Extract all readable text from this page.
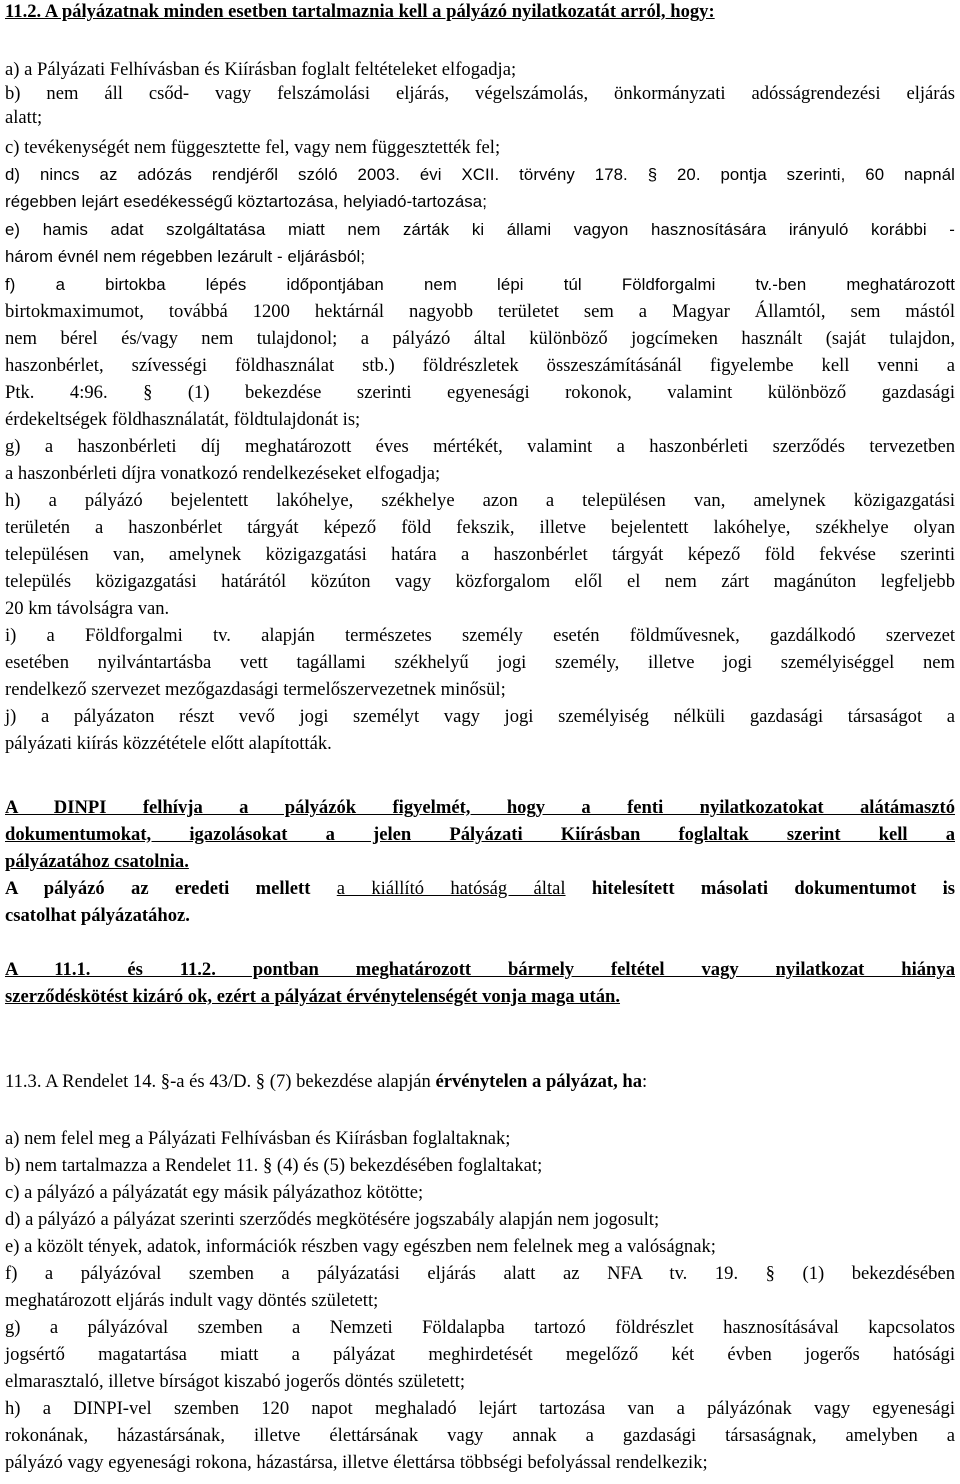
11.2. A pályázatnak minden esetben tartalmaznia kell a pályázó nyilatkozatát arról, hogy:
a) a Pályázati Felhívásban és Kiírásban foglalt feltételeket elfogadja;
b) nem áll csőd- vagy felszámolási eljárás, végelszámolás, önkormányzati adósságrendezési eljárás
alatt;
c) tevékenységét nem függesztette fel, vagy nem függesztették fel;
d) nincs az adózás rendjéről szóló 2003. évi XCII. törvény 178. § 20. pontja szerinti, 60 napnál
régebben lejárt esedékességű köztartozása, helyiadó-tartozása;
e) hamis adat szolgáltatása miatt nem zárták ki állami vagyon hasznosítására irányuló korábbi -
három évnél nem régebben lezárult - eljárásból;
f) a birtokba lépés időpontjában nem lépi túl Földforgalmi tv.-ben meghatározott
birtokmaximumot, továbbá 1200 hektárnál nagyobb területet sem a Magyar Államtól, sem mástól
nem bérel és/vagy nem tulajdonol; a pályázó által különböző jogcímeken használt (saját tulajdon,
haszonbérlet, szívességi földhasználat stb.) földrészletek összeszámításánál figyelembe kell venni a
Ptk. 4:96. § (1) bekezdése szerinti egyenesági rokonok, valamint különböző gazdasági
érdekeltségek földhasználatát, földtulajdonát is;
g) a haszonbérleti díj meghatározott éves mértékét, valamint a haszonbérleti szerződés tervezetben
a haszonbérleti díjra vonatkozó rendelkezéseket elfogadja;
h) a pályázó bejelentett lakóhelye, székhelye azon a településen van, amelynek közigazgatási
területén a haszonbérlet tárgyát képező föld fekszik, illetve bejelentett lakóhelye, székhelye olyan
településen van, amelynek közigazgatási határa a haszonbérlet tárgyát képező föld fekvése szerinti
település közigazgatási határától közúton vagy közforgalom elől el nem zárt magánúton legfeljebb
20 km távolságra van.
i) a Földforgalmi tv. alapján természetes személy esetén földművesnek, gazdálkodó szervezet
esetében nyilvántartásba vett tagállami székhelyű jogi személy, illetve jogi személyiséggel nem
rendelkező szervezet mezőgazdasági termelőszervezetnek minősül;
j) a pályázaton részt vevő jogi személyt vagy jogi személyiség nélküli gazdasági társaságot a
pályázati kiírás közzététele előtt alapították.
A DINPI felhívja a pályázók figyelmét, hogy a fenti nyilatkozatokat alátámasztó
dokumentumokat, igazolásokat a jelen Pályázati Kiírásban foglaltak szerint kell a
pályázatához csatolnia.
A pályázó az eredeti mellett a kiállító hatóság által hitelesített másolati dokumentumot is
csatolhat pályázatához.
A 11.1. és 11.2. pontban meghatározott bármely feltétel vagy nyilatkozat hiánya
szerződéskötést kizáró ok, ezért a pályázat érvénytelenségét vonja maga után.
11.3. A Rendelet 14. §-a és 43/D. § (7) bekezdése alapján érvénytelen a pályázat, ha:
a) nem felel meg a Pályázati Felhívásban és Kiírásban foglaltaknak;
b) nem tartalmazza a Rendelet 11. § (4) és (5) bekezdésében foglaltakat;
c) a pályázó a pályázatát egy másik pályázathoz kötötte;
d) a pályázó a pályázat szerinti szerződés megkötésére jogszabály alapján nem jogosult;
e) a közölt tények, adatok, információk részben vagy egészben nem felelnek meg a valóságnak;
f) a pályázóval szemben a pályázatási eljárás alatt az NFA tv. 19. § (1) bekezdésében
meghatározott eljárás indult vagy döntés született;
g) a pályázóval szemben a Nemzeti Földalapba tartozó földrészlet hasznosításával kapcsolatos
jogsértő magatartása miatt a pályázat meghirdetését megelőző két évben jogerős hatósági
elmarasztaló, illetve bírságot kiszabó jogerős döntés született;
h) a DINPI-vel szemben 120 napot meghaladó lejárt tartozása van a pályázónak vagy egyenesági
rokonának, házastársának, illetve élettársának vagy annak a gazdasági társaságnak, amelyben a
pályázó vagy egyenesági rokona, házastársa, illetve élettársa többségi befolyással rendelkezik;
